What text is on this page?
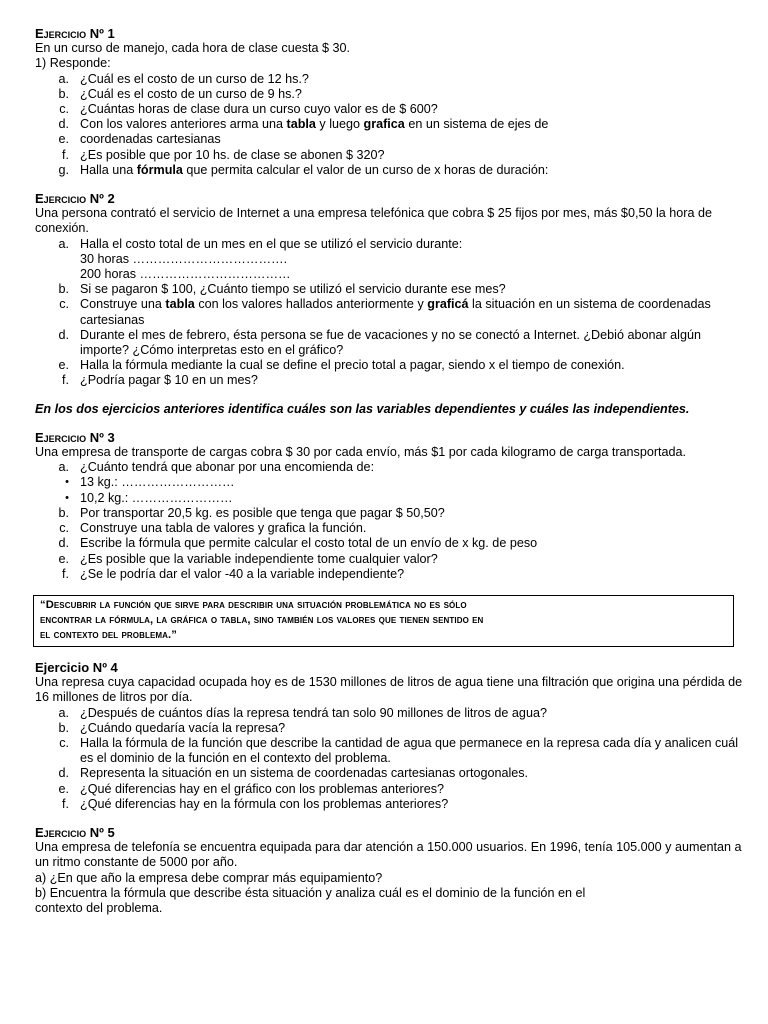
Ejercicio Nº 1

En un curso de manejo, cada hora de clase cuesta $ 30.

1) Responde:

a. ¿Cuál es el costo de un curso de 12 hs.?
b. ¿Cuál es el costo de un curso de 9 hs.?
c. ¿Cuántas horas de clase dura un curso cuyo valor es de $ 600?
d. Con los valores anteriores arma una tabla y luego grafica en un sistema de ejes de
e. coordenadas cartesianas
f. ¿Es posible que por 10 hs. de clase se abonen $ 320?
g. Halla una fórmula que permita calcular el valor de un curso de x horas de duración:

Ejercicio Nº 2

Una persona contrató el servicio de Internet a una empresa telefónica que cobra $ 25 fijos por mes, más $0,50 la hora de conexión.

a. Halla el costo total de un mes en el que se utilizó el servicio durante:
30 horas ……………………………….
200 horas ………………………………
b. Si se pagaron $ 100, ¿Cuánto tiempo se utilizó el servicio durante ese mes?
c. Construye una tabla con los valores hallados anteriormente y graficá la situación en un sistema de coordenadas cartesianas
d. Durante el mes de febrero, ésta persona se fue de vacaciones y no se conectó a Internet. ¿Debió abonar algún importe? ¿Cómo interpretas esto en el gráfico?
e. Halla la fórmula mediante la cual se define el precio total a pagar, siendo x el tiempo de conexión.
f. ¿Podría pagar $ 10 en un mes?

En los dos ejercicios anteriores identifica cuáles son las variables dependientes y cuáles las independientes.

Ejercicio Nº 3

Una empresa de transporte de cargas cobra $ 30 por cada envío, más $1 por cada kilogramo de carga transportada.

a. ¿Cuánto tendrá que abonar por una encomienda de:
• 13 kg.: ………………………
• 10,2 kg.: ……………………
b. Por transportar 20,5 kg. es posible que tenga que pagar $ 50,50?
c. Construye una tabla de valores y grafica la función.
d. Escribe la fórmula que permite calcular el costo total de un envío de x kg. de peso
e. ¿Es posible que la variable independiente tome cualquier valor?
f. ¿Se le podría dar el valor -40 a la variable independiente?
“Descubrir la función que sirve para describir una situación problemática no es sólo
encontrar la fórmula, la gráfica o tabla, sino también los valores que tienen sentido en
el contexto del problema.”

Ejercicio Nº 4

Una represa cuya capacidad ocupada hoy es de 1530 millones de litros de agua tiene una filtración que origina una pérdida de 16 millones de litros por día.

a. ¿Después de cuántos días la represa tendrá tan solo 90 millones de litros de agua?
b. ¿Cuándo quedaría vacía la represa?
c. Halla la fórmula de la función que describe la cantidad de agua que permanece en la represa cada día y analicen cuál es el dominio de la función en el contexto del problema.
d. Representa la situación en un sistema de coordenadas cartesianas ortogonales.
e. ¿Qué diferencias hay en el gráfico con los problemas anteriores?
f. ¿Qué diferencias hay en la fórmula con los problemas anteriores?

Ejercicio Nº 5

Una empresa de telefonía se encuentra equipada para dar atención a 150.000 usuarios. En 1996, tenía 105.000 y aumentan a un ritmo constante de 5000 por año.

a) ¿En que año la empresa debe comprar más equipamiento?

b) Encuentra la fórmula que describe ésta situación y analiza cuál es el dominio de la función en el
contexto del problema.
